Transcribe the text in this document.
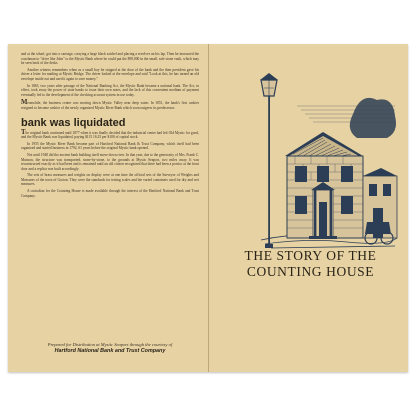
and at the wharf, got into a carriage, carrying a large black satchel and placing a revolver on his lap. Then he instructed the coachman to "drive like John" to the Mystic Bank where he could put the $90,000 in the small, safe stone vault, which may be seen back of the desks.

Another witness remembers when as a small boy he stopped at the door of the bank and the then president gave his driver a letter for mailing at Mystic Bridge. The driver looked at the envelope and said "Look at this, he has turned an old envelope inside out and used it again to save money."

In 1865, two years after passage of the National Banking Act, the Mystic Bank became a national bank. The Act, in effect, took away the power of state banks to issue their own notes, and the lack of this convenient medium of payment eventually led to the development of the checking account system in use today.

Meanwhile, the business center was moving down Mystic Valley near deep water. In 1851, the bank's first cashier resigned to become cashier of the newly organized Mystic River Bank which soon outgrew its predecessor.

bank was liquidated

The original bank continued until 1877 when it was finally decided that the industrial center had left Old Mystic for good, and the Mystic Bank was liquidated, paying $115 16.25 per $100 of capital stock.

In 1955 the Mystic River Bank became part of Hartford National Bank & Trust Company, which itself had been organized and started business in 1792, 61 years before the original Mystic bank opened.

Not until 1948 did the ancient bank building itself move down river. In that year, due to the generosity of Mrs. Frank C. Munson, the structure was transported, stone-by-stone, to the grounds at Mystic Seaport, two miles away. It was reconstructed exactly as it had been and is remained until an old citizen recognized that there had been a portico at the front door and a replica was built accordingly.

The sets of brass measures and weights on display were at one time the official sets of the Surveyor of Weights and Measures of the town of Groton. They were the standards for testing scales and the varied containers used for dry and wet measures.

A custodian for the Counting House is made available through the interest of the Hartford National Bank and Trust Company.

Prepared for Distribution at Mystic Seaport through the courtesy of
Hartford National Bank and Trust Company
THE STORY OF THE
COUNTING HOUSE
